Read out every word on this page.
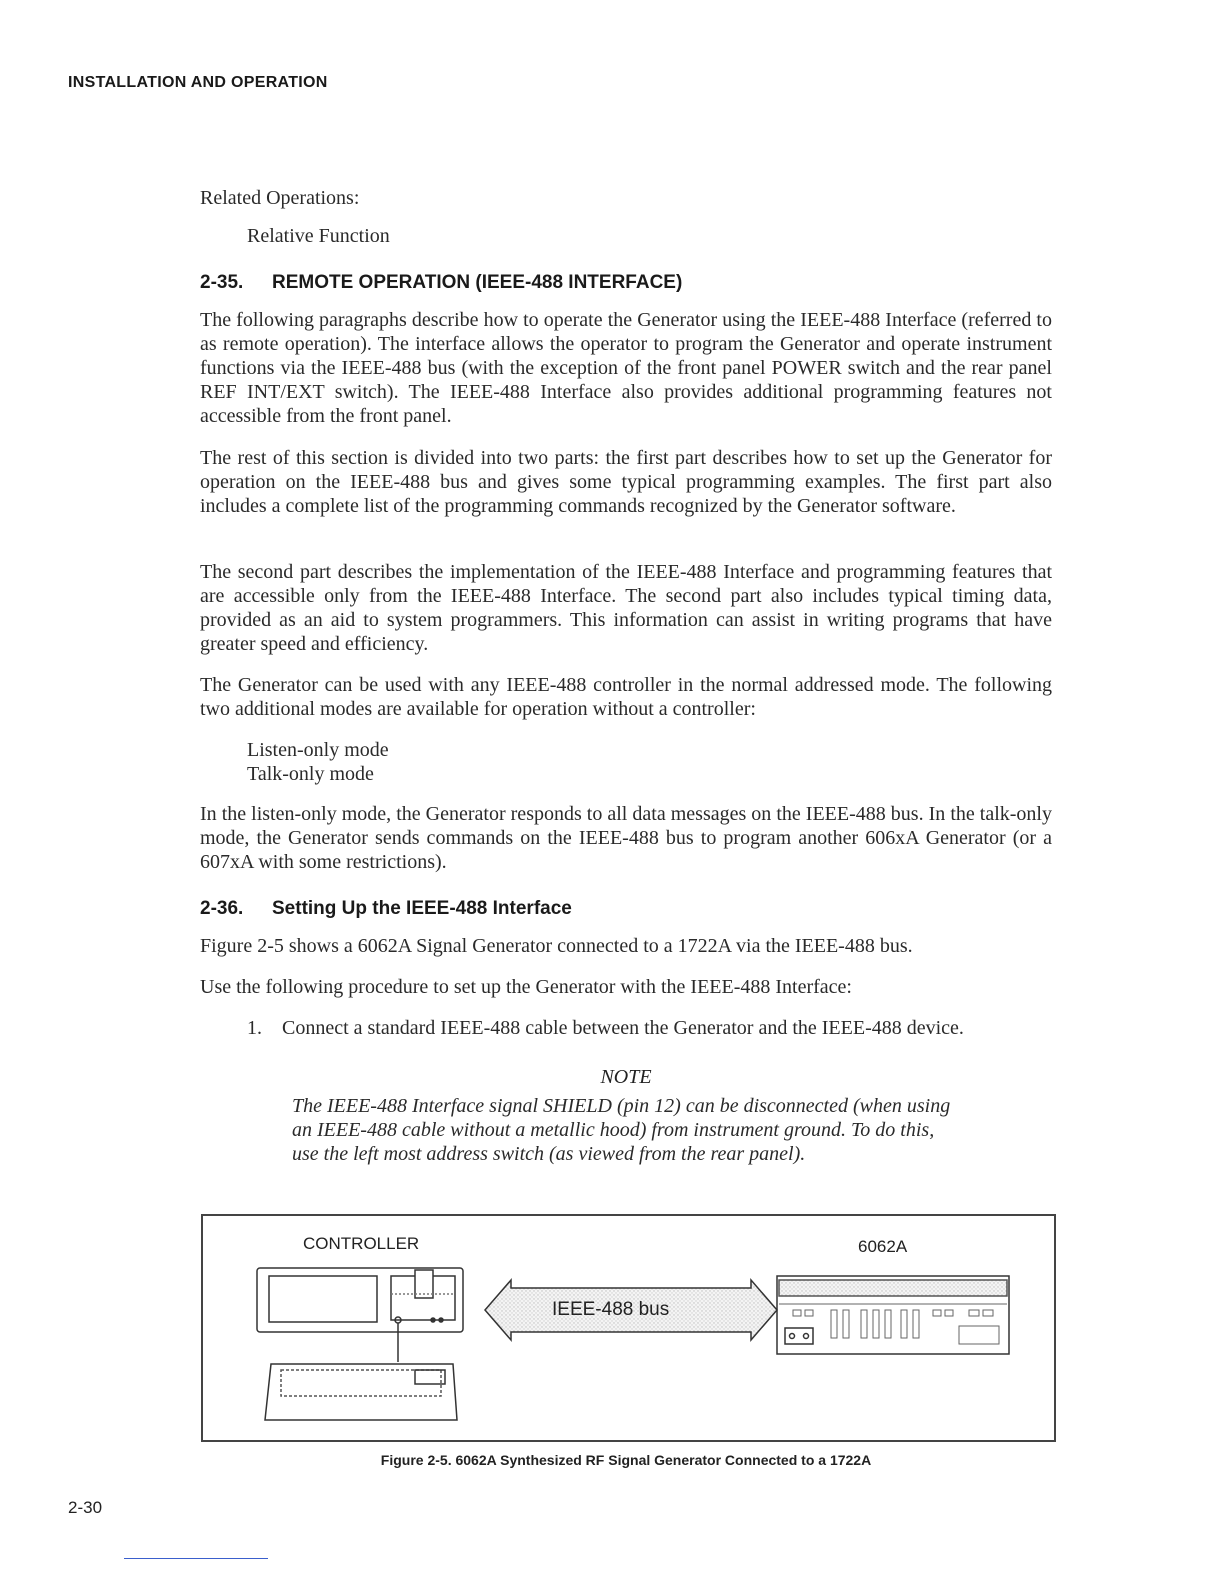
INSTALLATION AND OPERATION
Related Operations:
Relative Function
2-35. REMOTE OPERATION (IEEE-488 INTERFACE)
The following paragraphs describe how to operate the Generator using the IEEE-488 Interface (referred to as remote operation). The interface allows the operator to program the Generator and operate instrument functions via the IEEE-488 bus (with the exception of the front panel POWER switch and the rear panel REF INT/EXT switch). The IEEE-488 Interface also provides additional programming features not accessible from the front panel.
The rest of this section is divided into two parts: the first part describes how to set up the Generator for operation on the IEEE-488 bus and gives some typical programming examples. The first part also includes a complete list of the programming commands recognized by the Generator software.
The second part describes the implementation of the IEEE-488 Interface and programming features that are accessible only from the IEEE-488 Interface. The second part also includes typical timing data, provided as an aid to system programmers. This information can assist in writing programs that have greater speed and efficiency.
The Generator can be used with any IEEE-488 controller in the normal addressed mode. The following two additional modes are available for operation without a controller:
Listen-only mode
Talk-only mode
In the listen-only mode, the Generator responds to all data messages on the IEEE-488 bus. In the talk-only mode, the Generator sends commands on the IEEE-488 bus to program another 606xA Generator (or a 607xA with some restrictions).
2-36. Setting Up the IEEE-488 Interface
Figure 2-5 shows a 6062A Signal Generator connected to a 1722A via the IEEE-488 bus.
Use the following procedure to set up the Generator with the IEEE-488 Interface:
1. Connect a standard IEEE-488 cable between the Generator and the IEEE-488 device.
NOTE
The IEEE-488 Interface signal SHIELD (pin 12) can be disconnected (when using an IEEE-488 cable without a metallic hood) from instrument ground. To do this, use the left most address switch (as viewed from the rear panel).
CONTROLLER	6062A
IEEE-488 bus
Figure 2-5. 6062A Synthesized RF Signal Generator Connected to a 1722A
2-30
